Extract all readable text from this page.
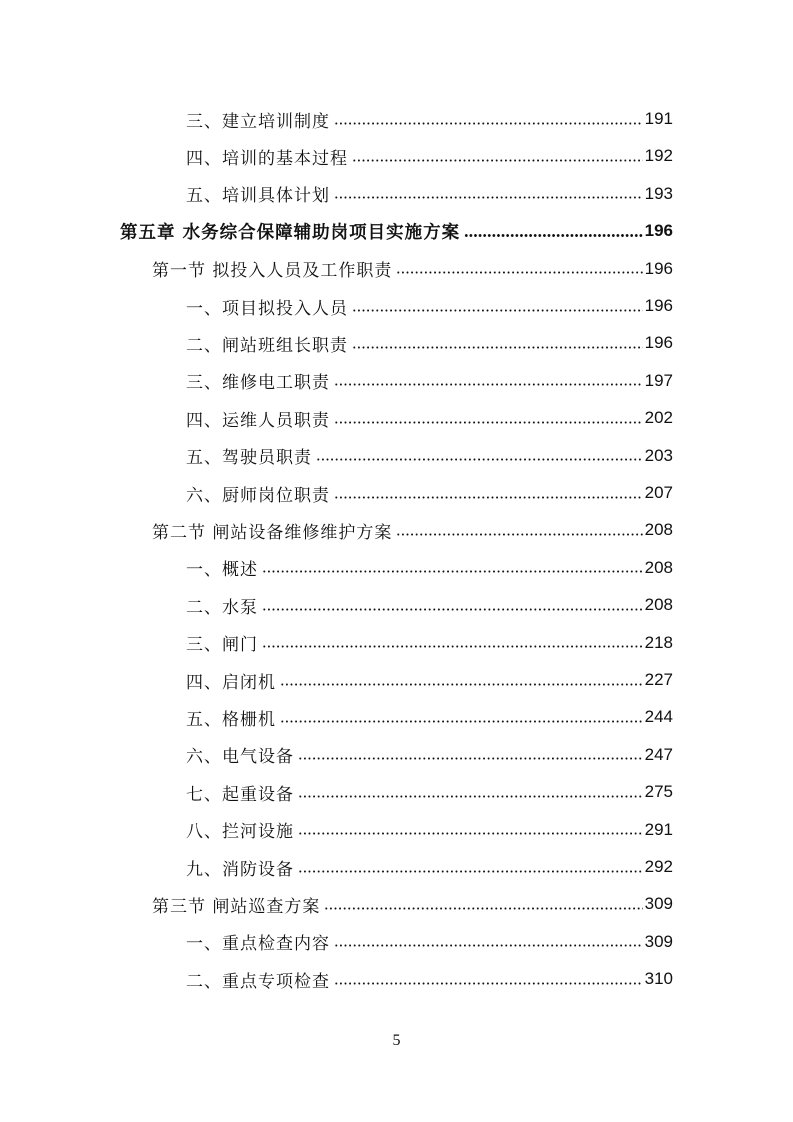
三、建立培训制度	191
四、培训的基本过程	192
五、培训具体计划	193
第五章 水务综合保障辅助岗项目实施方案	196
第一节 拟投入人员及工作职责	196
一、项目拟投入人员	196
二、闸站班组长职责	196
三、维修电工职责	197
四、运维人员职责	202
五、驾驶员职责	203
六、厨师岗位职责	207
第二节 闸站设备维修维护方案	208
一、概述	208
二、水泵	208
三、闸门	218
四、启闭机	227
五、格栅机	244
六、电气设备	247
七、起重设备	275
八、拦河设施	291
九、消防设备	292
第三节 闸站巡查方案	309
一、重点检查内容	309
二、重点专项检查	310
5
